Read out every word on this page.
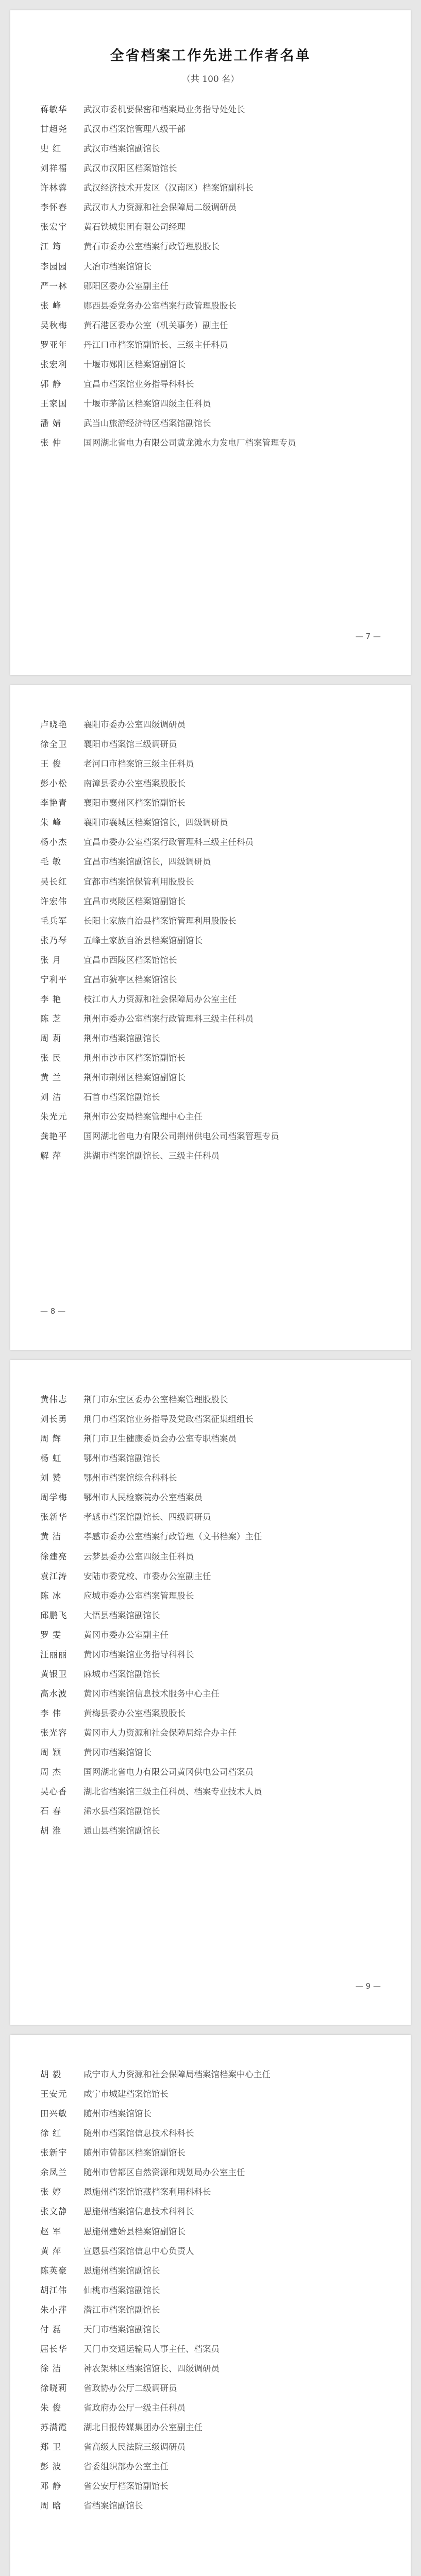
全省档案工作先进工作者名单
（共 100 名）
蒋敏华	武汉市委机要保密和档案局业务指导处处长
甘超尧	武汉市档案馆管理八级干部
史 红	武汉市档案馆副馆长
刘祥福	武汉市汉阳区档案馆馆长
许林蓉	武汉经济技术开发区（汉南区）档案馆副科长
李怀春	武汉市人力资源和社会保障局二级调研员
张宏宇	黄石铁城集团有限公司经理
江 筠	黄石市委办公室档案行政管理股股长
李园园	大冶市档案馆馆长
严一林	郧阳区委办公室副主任
张 峰	郧西县委党务办公室档案行政管理股股长
吴秋梅	黄石港区委办公室（机关事务）副主任
罗亚年	丹江口市档案馆副馆长、三级主任科员
张宏利	十堰市郧阳区档案馆副馆长
郭 静	宜昌市档案馆业务指导科科长
王家国	十堰市茅箭区档案馆四级主任科员
潘 婧	武当山旅游经济特区档案馆副馆长
张 仲	国网湖北省电力有限公司黄龙滩水力发电厂档案管理专员
— 7 —
卢晓艳	襄阳市委办公室四级调研员
徐全卫	襄阳市档案馆三级调研员
王 俊	老河口市档案馆三级主任科员
彭小松	南漳县委办公室档案股股长
李艳青	襄阳市襄州区档案馆副馆长
朱 峰	襄阳市襄城区档案馆馆长，四级调研员
杨小杰	宜昌市委办公室档案行政管理科三级主任科员
毛 敏	宜昌市档案馆副馆长，四级调研员
吴长红	宜都市档案馆保管利用股股长
许宏伟	宜昌市夷陵区档案馆副馆长
毛兵军	长阳土家族自治县档案馆管理利用股股长
张乃琴	五峰土家族自治县档案馆副馆长
张 月	宜昌市西陵区档案馆馆长
宁利平	宜昌市猇亭区档案馆馆长
李 艳	枝江市人力资源和社会保障局办公室主任
陈 芝	荆州市委办公室档案行政管理科三级主任科员
周 莉	荆州市档案馆副馆长
张 民	荆州市沙市区档案馆副馆长
黄 兰	荆州市荆州区档案馆副馆长
刘 洁	石首市档案馆副馆长
朱光元	荆州市公安局档案管理中心主任
龚艳平	国网湖北省电力有限公司荆州供电公司档案管理专员
解 萍	洪湖市档案馆副馆长、三级主任科员
— 8 —
黄伟志	荆门市东宝区委办公室档案管理股股长
刘长勇	荆门市档案馆业务指导及党政档案征集组组长
周 辉	荆门市卫生健康委员会办公室专职档案员
杨 虹	鄂州市档案馆副馆长
刘 赞	鄂州市档案馆综合科科长
周学梅	鄂州市人民检察院办公室档案员
张新华	孝感市档案馆副馆长、四级调研员
黄 洁	孝感市委办公室档案行政管理（文书档案）主任
徐建亮	云梦县委办公室四级主任科员
袁江涛	安陆市委党校、市委办公室副主任
陈 冰	应城市委办公室档案管理股长
邱鹏飞	大悟县档案馆副馆长
罗 雯	黄冈市委办公室副主任
汪丽丽	黄冈市档案馆业务指导科科长
黄银卫	麻城市档案馆副馆长
高水波	黄冈市档案馆信息技术服务中心主任
李 伟	黄梅县委办公室档案股股长
张光容	黄冈市人力资源和社会保障局综合办主任
周 颖	黄冈市档案馆馆长
周 杰	国网湖北省电力有限公司黄冈供电公司档案员
吴心香	湖北省档案馆三级主任科员、档案专业技术人员
石 春	浠水县档案馆副馆长
胡 淮	通山县档案馆副馆长
— 9 —
胡 毅	咸宁市人力资源和社会保障局档案馆档案中心主任
王安元	咸宁市城建档案馆馆长
田兴敏	随州市档案馆馆长
徐 红	随州市档案馆信息技术科科长
张新宇	随州市曾都区档案馆副馆长
余凤兰	随州市曾都区自然资源和规划局办公室主任
张 婷	恩施州档案馆馆藏档案利用科科长
张文静	恩施州档案馆信息技术科科长
赵 军	恩施州建始县档案馆副馆长
黄 萍	宣恩县档案馆信息中心负责人
陈英豪	恩施州档案馆副馆长
胡江伟	仙桃市档案馆副馆长
朱小萍	潜江市档案馆副馆长
付 磊	天门市档案馆副馆长
屈长华	天门市交通运输局人事主任、档案员
徐 洁	神农架林区档案馆馆长、四级调研员
徐晓莉	省政协办公厅二级调研员
朱 俊	省政府办公厅一级主任科员
苏满霞	湖北日报传媒集团办公室副主任
郑 卫	省高级人民法院三级调研员
彭 波	省委组织部办公室主任
邓 静	省公安厅档案馆副馆长
周 晗	省档案馆副馆长
